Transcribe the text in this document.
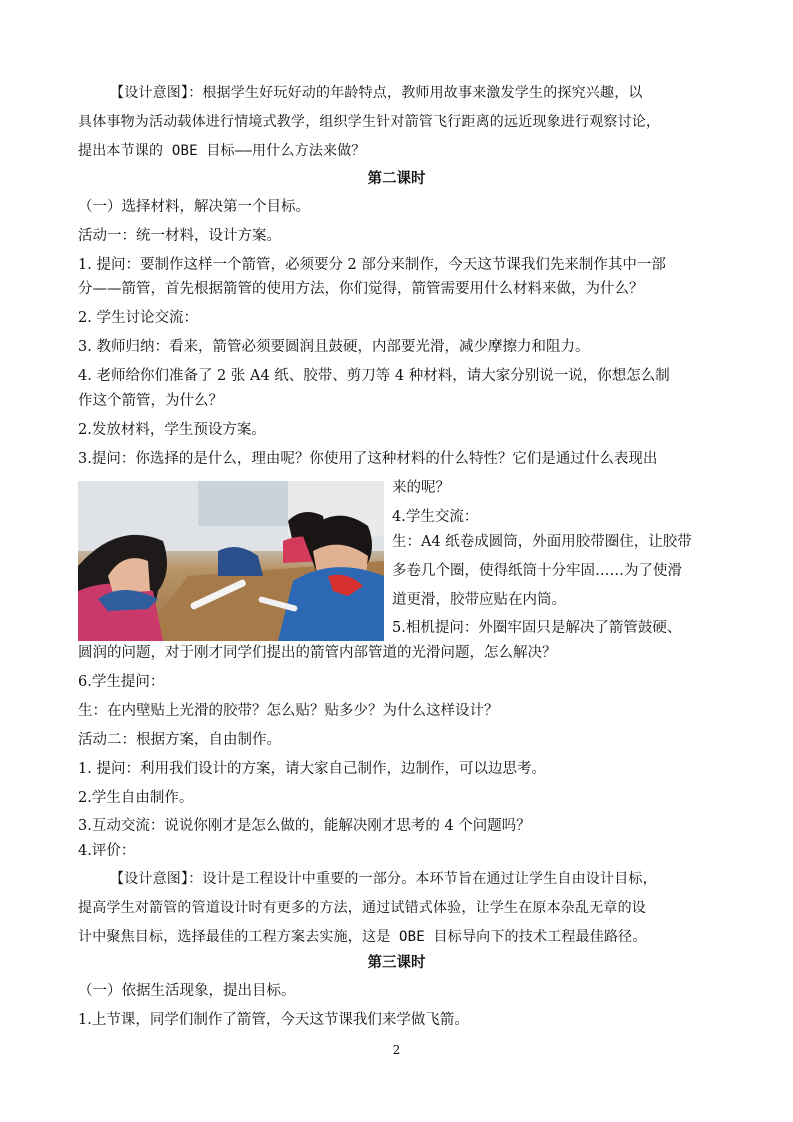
【设计意图】：根据学生好玩好动的年龄特点，教师用故事来激发学生的探究兴趣，以
具体事物为活动载体进行情境式教学，组织学生针对箭管飞行距离的远近现象进行观察讨论，
提出本节课的 OBE 目标——用什么方法来做？
第二课时
（一）选择材料，解决第一个目标。
活动一：统一材料，设计方案。
1. 提问：要制作这样一个箭管，必须要分 2 部分来制作，今天这节课我们先来制作其中一部
分——箭管，首先根据箭管的使用方法，你们觉得，箭管需要用什么材料来做，为什么？
2. 学生讨论交流：
3. 教师归纳：看来，箭管必须要圆润且鼓硬，内部要光滑，减少摩擦力和阻力。
4. 老师给你们准备了 2 张 A4 纸、胶带、剪刀等 4 种材料，请大家分别说一说，你想怎么制
作这个箭管，为什么？
2.发放材料，学生预设方案。
3.提问：你选择的是什么，理由呢？你使用了这种材料的什么特性？它们是通过什么表现出
来的呢？
4.学生交流：
生：A4 纸卷成圆筒，外面用胶带圈住，让胶带
多卷几个圈，使得纸筒十分牢固……为了使滑
道更滑，胶带应贴在内筒。
5.相机提问：外圈牢固只是解决了箭管鼓硬、
圆润的问题，对于刚才同学们提出的箭管内部管道的光滑问题，怎么解决？
6.学生提问：
生：在内壁贴上光滑的胶带？怎么贴？贴多少？为什么这样设计？
活动二：根据方案，自由制作。
1. 提问：利用我们设计的方案，请大家自己制作，边制作，可以边思考。
2.学生自由制作。
3.互动交流：说说你刚才是怎么做的，能解决刚才思考的 4 个问题吗？
4.评价：
【设计意图】：设计是工程设计中重要的一部分。本环节旨在通过让学生自由设计目标，
提高学生对箭管的管道设计时有更多的方法，通过试错式体验，让学生在原本杂乱无章的设
计中聚焦目标，选择最佳的工程方案去实施，这是 OBE 目标导向下的技术工程最佳路径。
第三课时
（一）依据生活现象，提出目标。
1.上节课，同学们制作了箭管，今天这节课我们来学做飞箭。
2
